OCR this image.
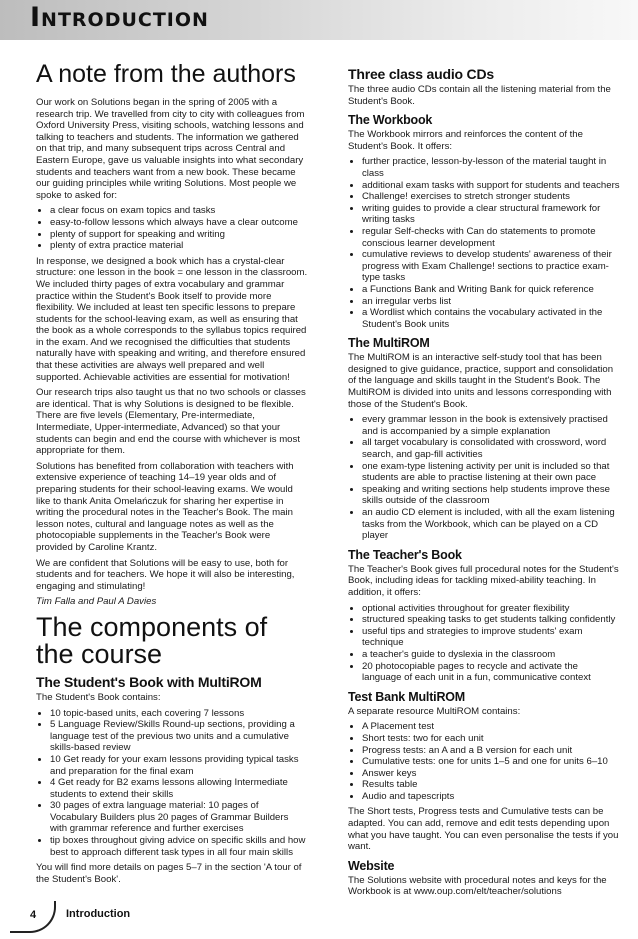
Introduction
A note from the authors

Our work on Solutions began in the spring of 2005 with a research trip. We travelled from city to city with colleagues from Oxford University Press, visiting schools, watching lessons and talking to teachers and students. The information we gathered on that trip, and many subsequent trips across Central and Eastern Europe, gave us valuable insights into what secondary students and teachers want from a new book. These became our guiding principles while writing Solutions. Most people we spoke to asked for:

• a clear focus on exam topics and tasks
• easy-to-follow lessons which always have a clear outcome
• plenty of support for speaking and writing
• plenty of extra practice material

In response, we designed a book which has a crystal-clear structure: one lesson in the book = one lesson in the classroom. We included thirty pages of extra vocabulary and grammar practice within the Student's Book itself to provide more flexibility. We included at least ten specific lessons to prepare students for the school-leaving exam, as well as ensuring that the book as a whole corresponds to the syllabus topics required in the exam. And we recognised the difficulties that students naturally have with speaking and writing, and therefore ensured that these activities are always well prepared and well supported. Achievable activities are essential for motivation!

Our research trips also taught us that no two schools or classes are identical. That is why Solutions is designed to be flexible. There are five levels (Elementary, Pre-intermediate, Intermediate, Upper-intermediate, Advanced) so that your students can begin and end the course with whichever is most appropriate for them.

Solutions has benefited from collaboration with teachers with extensive experience of teaching 14–19 year olds and of preparing students for their school-leaving exams. We would like to thank Anita Omelańczuk for sharing her expertise in writing the procedural notes in the Teacher's Book. The main lesson notes, cultural and language notes as well as the photocopiable supplements in the Teacher's Book were provided by Caroline Krantz.

We are confident that Solutions will be easy to use, both for students and for teachers. We hope it will also be interesting, engaging and stimulating!

Tim Falla and Paul A Davies

The components of the course
The Student's Book with MultiROM

The Student's Book contains:

• 10 topic-based units, each covering 7 lessons
• 5 Language Review/Skills Round-up sections, providing a language test of the previous two units and a cumulative skills-based review
• 10 Get ready for your exam lessons providing typical tasks and preparation for the final exam
• 4 Get ready for B2 exams lessons allowing Intermediate students to extend their skills
• 30 pages of extra language material: 10 pages of Vocabulary Builders plus 20 pages of Grammar Builders with grammar reference and further exercises
• tip boxes throughout giving advice on specific skills and how best to approach different task types in all four main skills

You will find more details on pages 5–7 in the section 'A tour of the Student's Book'.

Three class audio CDs

The three audio CDs contain all the listening material from the Student's Book.

The Workbook

The Workbook mirrors and reinforces the content of the Student's Book. It offers:

• further practice, lesson-by-lesson of the material taught in class
• additional exam tasks with support for students and teachers
• Challenge! exercises to stretch stronger students
• writing guides to provide a clear structural framework for writing tasks
• regular Self-checks with Can do statements to promote conscious learner development
• cumulative reviews to develop students' awareness of their progress with Exam Challenge! sections to practice exam-type tasks
• a Functions Bank and Writing Bank for quick reference
• an irregular verbs list
• a Wordlist which contains the vocabulary activated in the Student's Book units
The MultiROM

The MultiROM is an interactive self-study tool that has been designed to give guidance, practice, support and consolidation of the language and skills taught in the Student's Book. The MultiROM is divided into units and lessons corresponding with those of the Student's Book.

• every grammar lesson in the book is extensively practised and is accompanied by a simple explanation
• all target vocabulary is consolidated with crossword, word search, and gap-fill activities
• one exam-type listening activity per unit is included so that students are able to practise listening at their own pace
• speaking and writing sections help students improve these skills outside of the classroom
• an audio CD element is included, with all the exam listening tasks from the Workbook, which can be played on a CD player
The Teacher's Book

The Teacher's Book gives full procedural notes for the Student's Book, including ideas for tackling mixed-ability teaching. In addition, it offers:

• optional activities throughout for greater flexibility
• structured speaking tasks to get students talking confidently
• useful tips and strategies to improve students' exam technique
• a teacher's guide to dyslexia in the classroom
• 20 photocopiable pages to recycle and activate the language of each unit in a fun, communicative context
Test Bank MultiROM

A separate resource MultiROM contains:

• A Placement test
• Short tests: two for each unit
• Progress tests: an A and a B version for each unit
• Cumulative tests: one for units 1–5 and one for units 6–10
• Answer keys
• Results table
• Audio and tapescripts

The Short tests, Progress tests and Cumulative tests can be adapted. You can add, remove and edit tests depending upon what you have taught. You can even personalise the tests if you want.

Website

The Solutions website with procedural notes and keys for the Workbook is at www.oup.com/elt/teacher/solutions

4	Introduction
